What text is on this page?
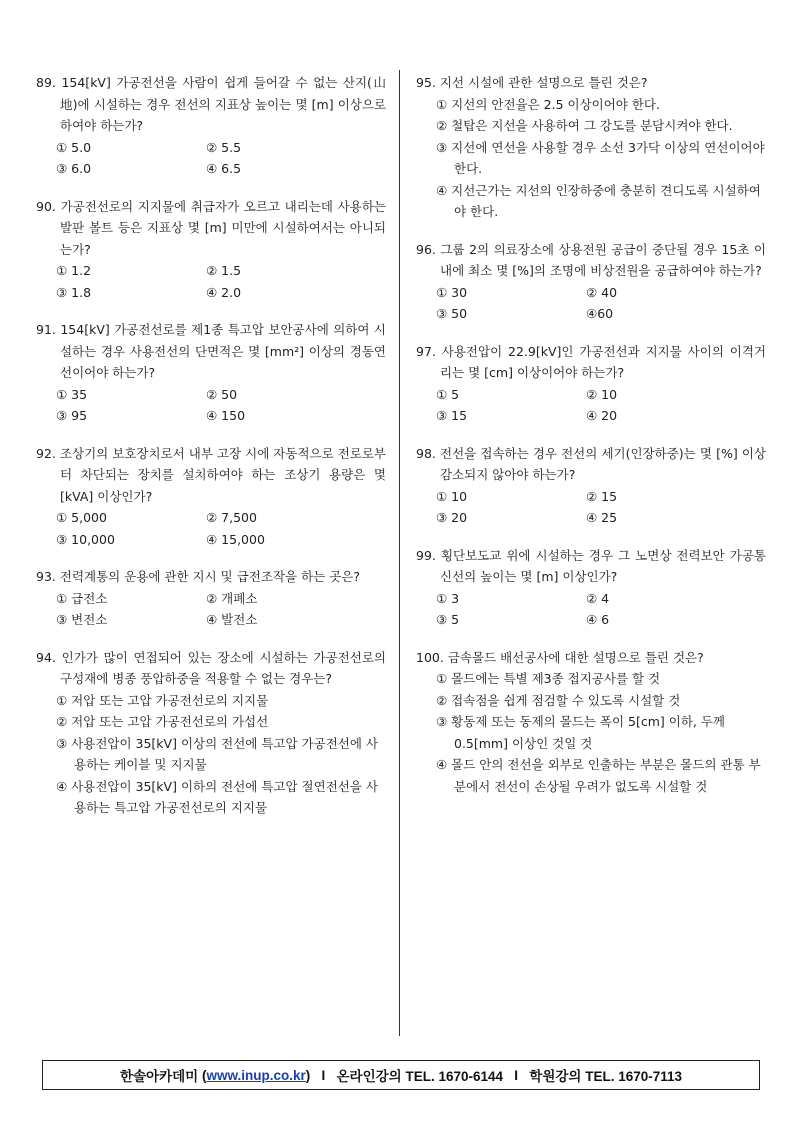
89. 154[kV] 가공전선을 사람이 쉽게 들어갈 수 없는 산지(山地)에 시설하는 경우 전선의 지표상 높이는 몇 [m] 이상으로 하여야 하는가?
① 5.0	② 5.5
③ 6.0	④ 6.5
90. 가공전선로의 지지물에 취급자가 오르고 내리는데 사용하는 발판 볼트 등은 지표상 몇 [m] 미만에 시설하여서는 아니되는가?
① 1.2	② 1.5
③ 1.8	④ 2.0
91. 154[kV] 가공전선로를 제1종 특고압 보안공사에 의하여 시설하는 경우 사용전선의 단면적은 몇 [mm²] 이상의 경동연선이어야 하는가?
① 35	② 50
③ 95	④ 150
92. 조상기의 보호장치로서 내부 고장 시에 자동적으로 전로로부터 차단되는 장치를 설치하여야 하는 조상기 용량은 몇 [kVA] 이상인가?
① 5,000	② 7,500
③ 10,000	④ 15,000
93. 전력계통의 운용에 관한 지시 및 급전조작을 하는 곳은?
① 급전소	② 개폐소
③ 변전소	④ 발전소
94. 인가가 많이 연접되어 있는 장소에 시설하는 가공전선로의 구성재에 병종 풍압하중을 적용할 수 없는 경우는?
① 저압 또는 고압 가공전선로의 지지물
② 저압 또는 고압 가공전선로의 가섭선
③ 사용전압이 35[kV] 이상의 전선에 특고압 가공전선에 사용하는 케이블 및 지지물
④ 사용전압이 35[kV] 이하의 전선에 특고압 절연전선을 사용하는 특고압 가공전선로의 지지물
95. 지선 시설에 관한 설명으로 틀린 것은?
① 지선의 안전율은 2.5 이상이어야 한다.
② 철탑은 지선을 사용하여 그 강도를 분담시켜야 한다.
③ 지선에 연선을 사용할 경우 소선 3가닥 이상의 연선이어야 한다.
④ 지선근가는 지선의 인장하중에 충분히 견디도록 시설하여야 한다.
96. 그룹 2의 의료장소에 상용전원 공급이 중단될 경우 15초 이내에 최소 몇 [%]의 조명에 비상전원을 공급하여야 하는가?
① 30	② 40
③ 50	④60
97. 사용전압이 22.9[kV]인 가공전선과 지지물 사이의 이격거리는 몇 [cm] 이상이어야 하는가?
① 5	② 10
③ 15	④ 20
98. 전선을 접속하는 경우 전선의 세기(인장하중)는 몇 [%] 이상 감소되지 않아야 하는가?
① 10	② 15
③ 20	④ 25
99. 횡단보도교 위에 시설하는 경우 그 노면상 전력보안 가공통신선의 높이는 몇 [m] 이상인가?
① 3	② 4
③ 5	④ 6
100. 금속몰드 배선공사에 대한 설명으로 틀린 것은?
① 몰드에는 특별 제3종 접지공사를 할 것
② 접속점을 쉽게 점검할 수 있도록 시설할 것
③ 황동제 또는 동제의 몰드는 폭이 5[cm] 이하, 두께 0.5[mm] 이상인 것일 것
④ 몰드 안의 전선을 외부로 인출하는 부분은 몰드의 관통 부분에서 전선이 손상될 우려가 없도록 시설할 것
한솔아카데미 ( www.inup.co.kr )   I 온라인강의 TEL. 1670-6144 I 학원강의 TEL. 1670-7113
